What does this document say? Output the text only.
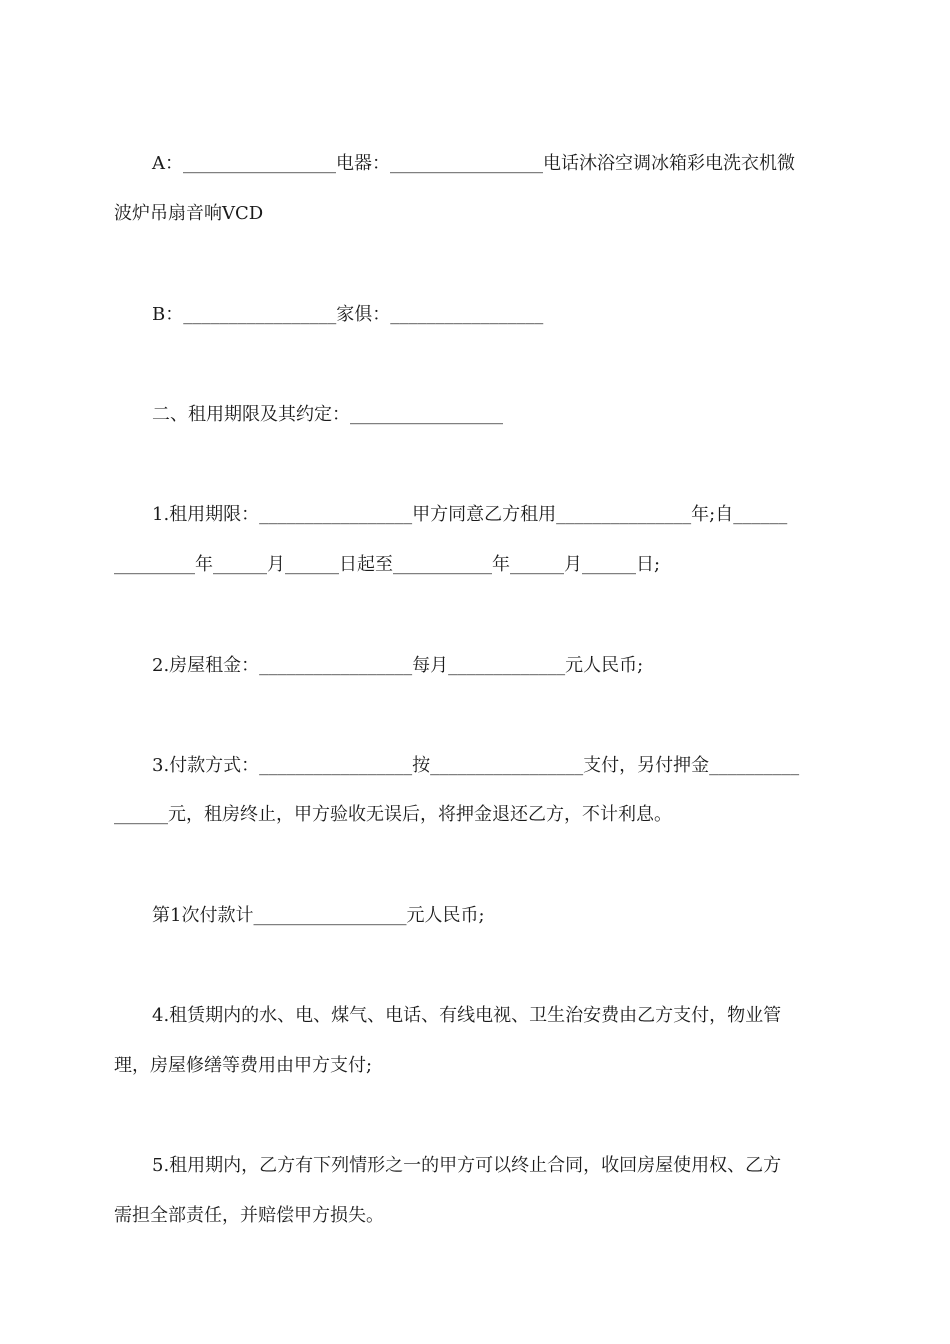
A：_________________电器：_________________电话沐浴空调冰箱彩电洗衣机微
波炉吊扇音响VCD
B：_________________家俱：_________________
二、租用期限及其约定：_________________
1.租用期限：_________________甲方同意乙方租用_______________年;自______
_________年______月______日起至___________年______月______日;
2.房屋租金：_________________每月_____________元人民币;
3.付款方式：_________________按_________________支付，另付押金__________
______元，租房终止，甲方验收无误后，将押金退还乙方，不计利息。
第1次付款计_________________元人民币;
4.租赁期内的水、电、煤气、电话、有线电视、卫生治安费由乙方支付，物业管
理，房屋修缮等费用由甲方支付;
5.租用期内，乙方有下列情形之一的甲方可以终止合同，收回房屋使用权、乙方
需担全部责任，并赔偿甲方损失。
